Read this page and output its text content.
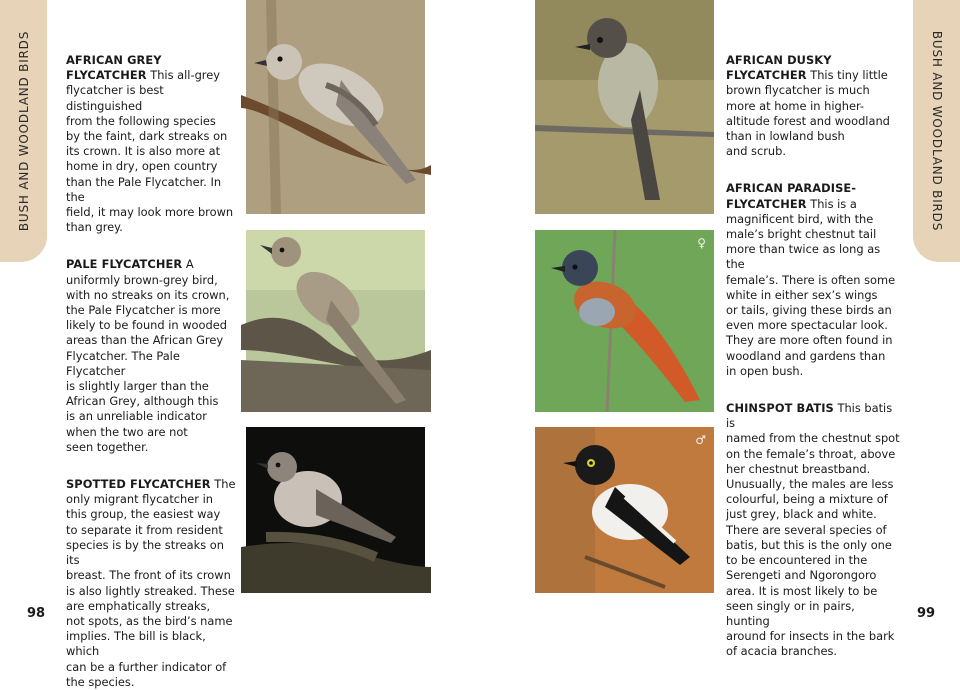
BUSH AND WOODLAND BIRDS	BUSH AND WOODLAND BIRDS

AFRICAN GREY FLYCATCHER This all-grey

flycatcher is best distinguished

from the following species

by the faint, dark streaks on

its crown. It is also more at

home in dry, open country

than the Pale Flycatcher. In the

field, it may look more brown

than grey.

PALE FLYCATCHER A

uniformly brown-grey bird,

with no streaks on its crown,

the Pale Flycatcher is more

likely to be found in wooded

areas than the African Grey

Flycatcher. The Pale Flycatcher

is slightly larger than the

African Grey, although this

is an unreliable indicator

when the two are not

seen together.

SPOTTED FLYCATCHER The

only migrant flycatcher in

this group, the easiest way

to separate it from resident

species is by the streaks on its

breast. The front of its crown

is also lightly streaked. These

are emphatically streaks,

not spots, as the bird’s name

implies. The bill is black, which

can be a further indicator of

the species.

AFRICAN DUSKY FLYCATCHER This tiny little

brown flycatcher is much

more at home in higher-

altitude forest and woodland

than in lowland bush

and scrub.

AFRICAN PARADISE-FLYCATCHER This is a

magnificent bird, with the

male’s bright chestnut tail

more than twice as long as the

female’s. There is often some

white in either sex’s wings

or tails, giving these birds an

even more spectacular look.

They are more often found in

woodland and gardens than

in open bush.

CHINSPOT BATIS This batis is

named from the chestnut spot

on the female’s throat, above

her chestnut breastband.

Unusually, the males are less

colourful, being a mixture of

just grey, black and white.

There are several species of

batis, but this is the only one

to be encountered in the

Serengeti and Ngorongoro

area. It is most likely to be

seen singly or in pairs, hunting

around for insects in the bark

of acacia branches.

♀
♂
98	99
